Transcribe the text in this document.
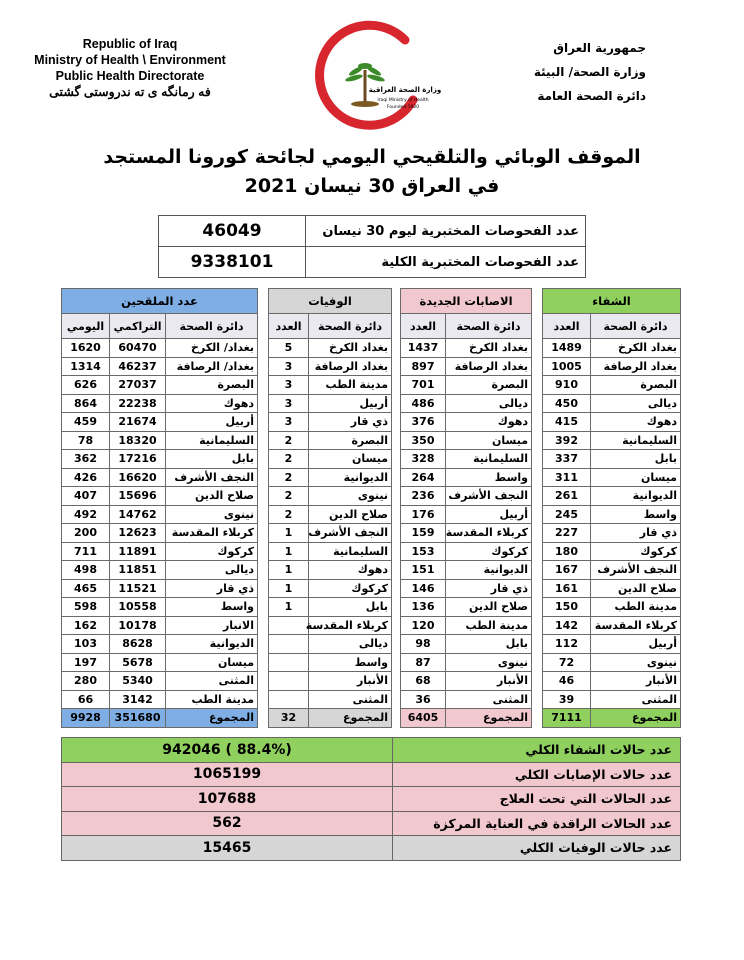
Republic of Iraq
Ministry of Health \ Environment
Public Health Directorate
فه رمانگه ی ته ندروستی گشتی	وزارة الصحة العراقية
Iraqi Ministry of Health
Founded 1920
جمهورية العراق
وزارة الصحة/ البيئة
دائرة الصحة العامة
الموقف الوبائي والتلقيحي اليومي لجائحة كورونا المستجد
في العراق 30 نيسان 2021
عدد الفحوصات المختبرية ليوم 30 نيسان	46049
عدد الفحوصات المختبرية الكلية	9338101
الشفاء	
دائرة الصحة	العدد
بغداد الكرخ	1489
بغداد الرصافة	1005
البصرة	910
ديالى	450
دهوك	415
السليمانية	392
بابل	337
ميسان	311
الديوانية	261
واسط	245
ذي قار	227
كركوك	180
النجف الأشرف	167
صلاح الدين	161
مدينة الطب	150
كربلاء المقدسة	142
أربيل	112
نينوى	72
الأنبار	46
المثنى	39
المجموع	7111
الاصابات الجديدة	
دائرة الصحة	العدد
بغداد الكرخ	1437
بغداد الرصافة	897
البصرة	701
ديالى	486
دهوك	376
ميسان	350
السليمانية	328
واسط	264
النجف الأشرف	236
أربيل	176
كربلاء المقدسة	159
كركوك	153
الديوانية	151
ذي قار	146
صلاح الدين	136
مدينة الطب	120
بابل	98
نينوى	87
الأنبار	68
المثنى	36
المجموع	6405
الوفيات	
دائرة الصحة	العدد
بغداد الكرخ	5
بغداد الرصافة	3
مدينة الطب	3
أربيل	3
ذي قار	3
البصرة	2
ميسان	2
الديوانية	2
نينوى	2
صلاح الدين	2
النجف الأشرف	1
السليمانية	1
دهوك	1
كركوك	1
بابل	1
كربلاء المقدسة	
ديالى	
واسط	
الأنبار	
المثنى	
المجموع	32
عدد الملقحين		
دائرة الصحة	التراكمي	اليومي
بغداد/ الكرخ	60470	1620
بغداد/ الرصافة	46237	1314
البصرة	27037	626
دهوك	22238	864
أربيل	21674	459
السليمانية	18320	78
بابل	17216	362
النجف الأشرف	16620	426
صلاح الدين	15696	407
نينوى	14762	492
كربلاء المقدسة	12623	200
كركوك	11891	711
ديالى	11851	498
ذي قار	11521	465
واسط	10558	598
الانبار	10178	162
الديوانية	8628	103
ميسان	5678	197
المثنى	5340	280
مدينة الطب	3142	66
المجموع	351680	9928
عدد حالات الشفاء الكلي	942046 ( 88.4%)
عدد حالات الإصابات الكلي	1065199
عدد الحالات التي تحت العلاج	107688
عدد الحالات الراقدة في العناية المركزة	562
عدد حالات الوفيات الكلي	15465
